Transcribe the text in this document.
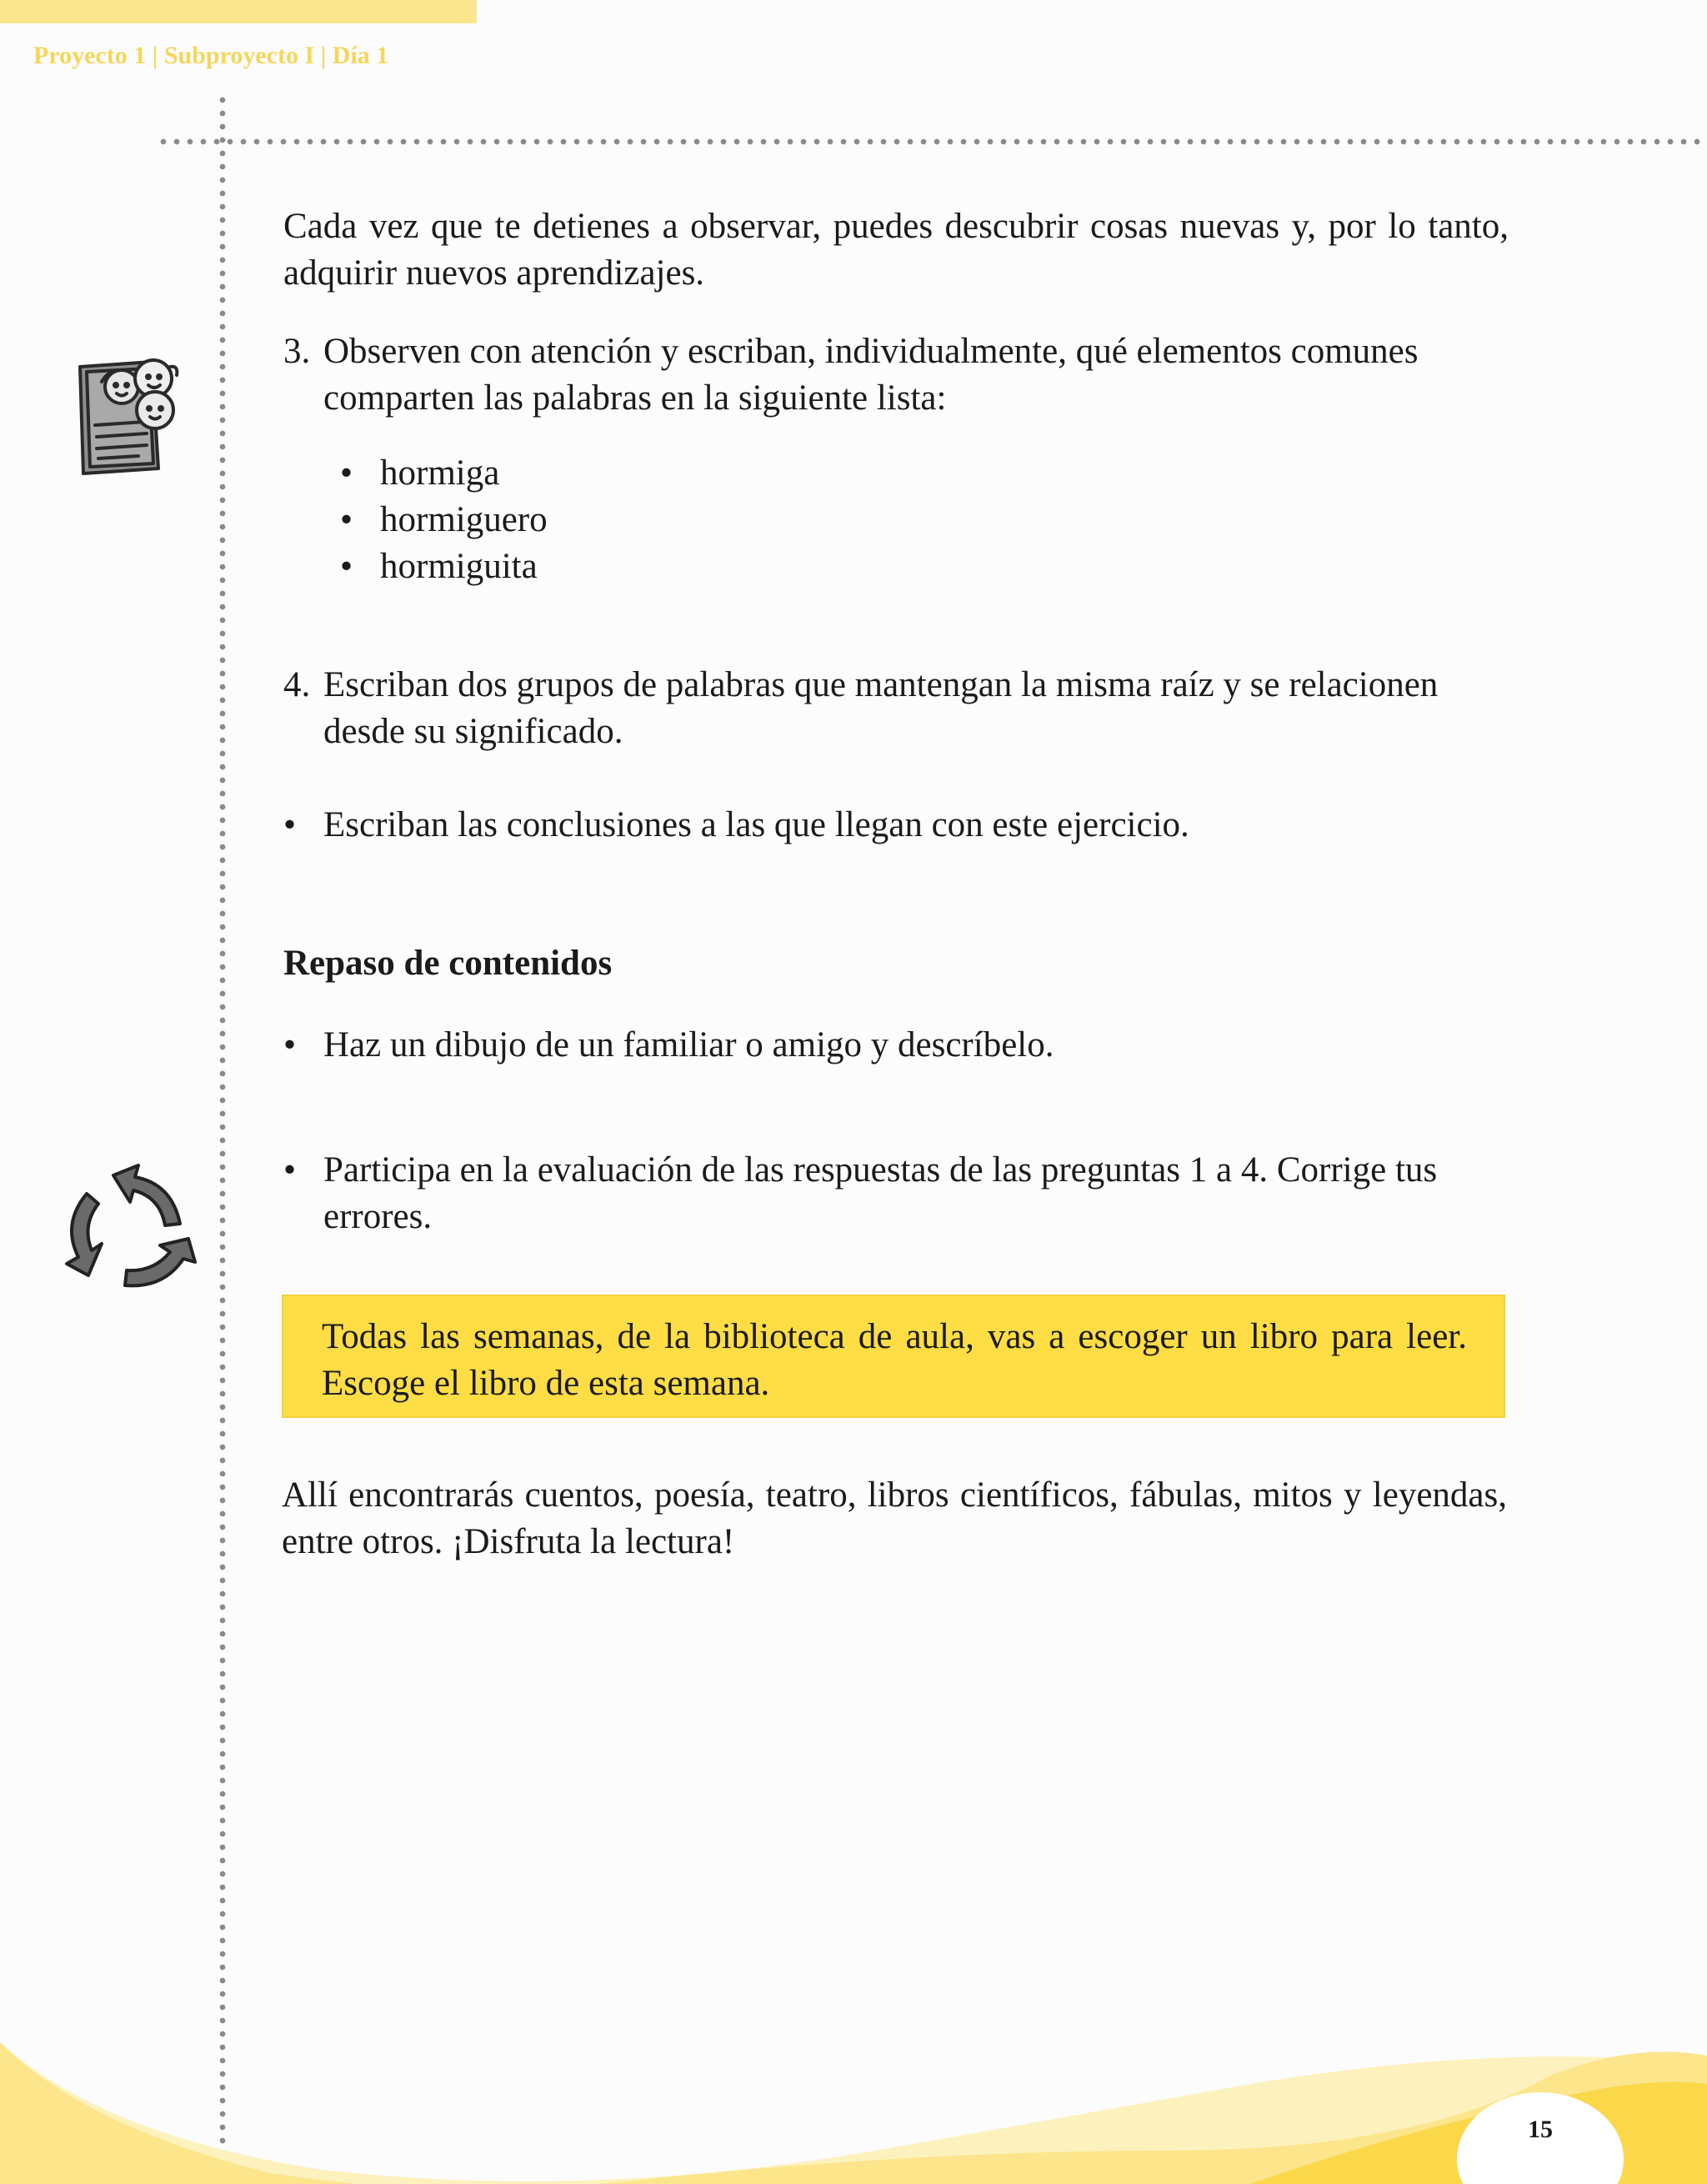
Proyecto 1 | Subproyecto I | Día 1

Cada vez que te detienes a observar, puedes descubrir cosas nuevas y, por lo tanto, adquirir nuevos aprendizajes.

3. Observen con atención y escriban, individualmente, qué elementos comunes comparten las palabras en la siguiente lista:
• hormiga
• hormiguero
• hormiguita
4. Escriban dos grupos de palabras que mantengan la misma raíz y se relacionen desde su significado.
• Escriban las conclusiones a las que llegan con este ejercicio.
Repaso de contenidos
• Haz un dibujo de un familiar o amigo y descríbelo.
• Participa en la evaluación de las respuestas de las preguntas 1 a 4. Corrige tus errores.

Allí encontrarás cuentos, poesía, teatro, libros científicos, fábulas, mitos y leyendas, entre otros. ¡Disfruta la lectura!

Todas las semanas, de la biblioteca de aula, vas a escoger un libro para leer. Escoge el libro de esta semana.

15
